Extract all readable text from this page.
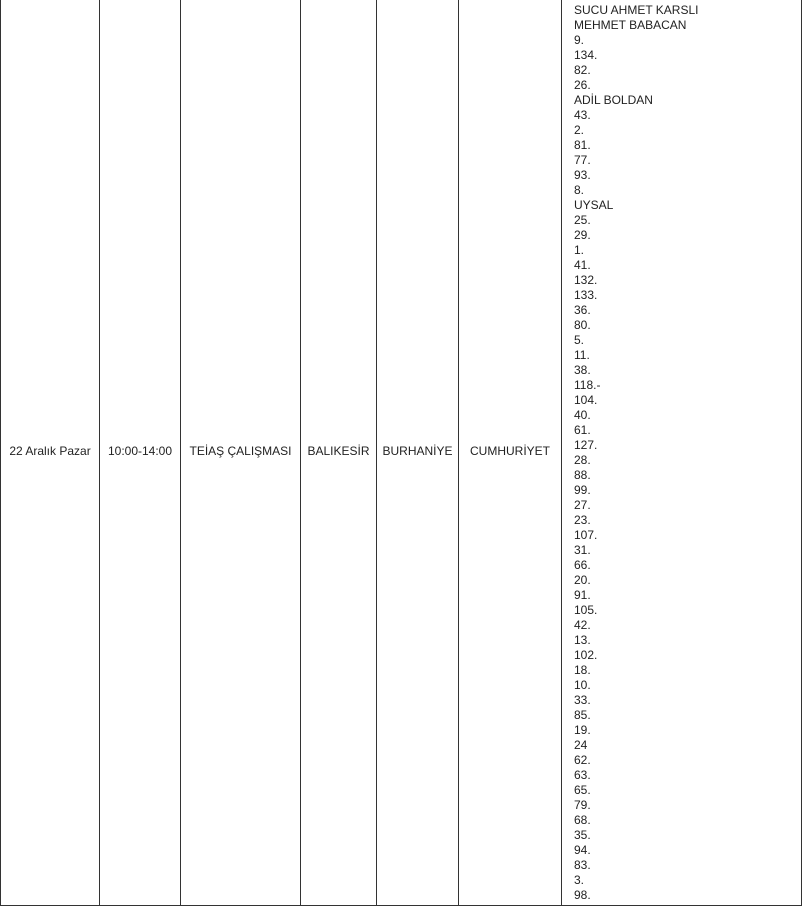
22 Aralık Pazar	10:00-14:00	TEİAŞ ÇALIŞMASI	BALIKESİR	BURHANİYE	CUMHURİYET	
SUCU AHMET KARSLI
MEHMET BABACAN
9.
134.
82.
26.
ADİL BOLDAN
43.
2.
81.
77.
93.
8.
UYSAL
25.
29.
1.
41.
132.
133.
36.
80.
5.
11.
38.
118.-
104.
40.
61.
127.
28.
88.
99.
27.
23.
107.
31.
66.
20.
91.
105.
42.
13.
102.
18.
10.
33.
85.
19.
24
62.
63.
65.
79.
68.
35.
94.
83.
3.
98.
